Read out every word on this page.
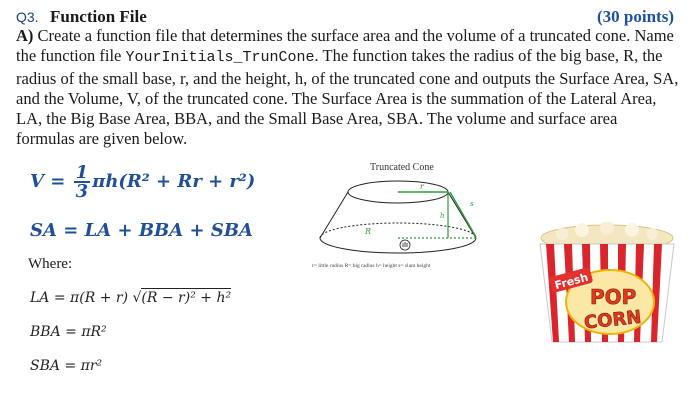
Q3. Function File	(30 points)
A) Create a function file that determines the surface area and the volume of a truncated cone. Name the function file YourInitials_TrunCone. The function takes the radius of the big base, R, the radius of the small base, r, and the height, h, of the truncated cone and outputs the Surface Area, SA, and the Volume, V, of the truncated cone. The Surface Area is the summation of the Lateral Area, LA, the Big Base Area, BBA, and the Small Base Area, SBA. The volume and surface area formulas are given below.
$V = \frac{1}{3} \pi h(R^2 + Rr + r^2)$
SA = LA + BBA + SBA
Where:
LA = π(R + r) √(R − r)² + h²
BBA = πR²
SBA = πr²
Truncated Cone
r
R
h
s
r= little radius R= big radius h= height s= slant height
Fresh
POP
CORN
